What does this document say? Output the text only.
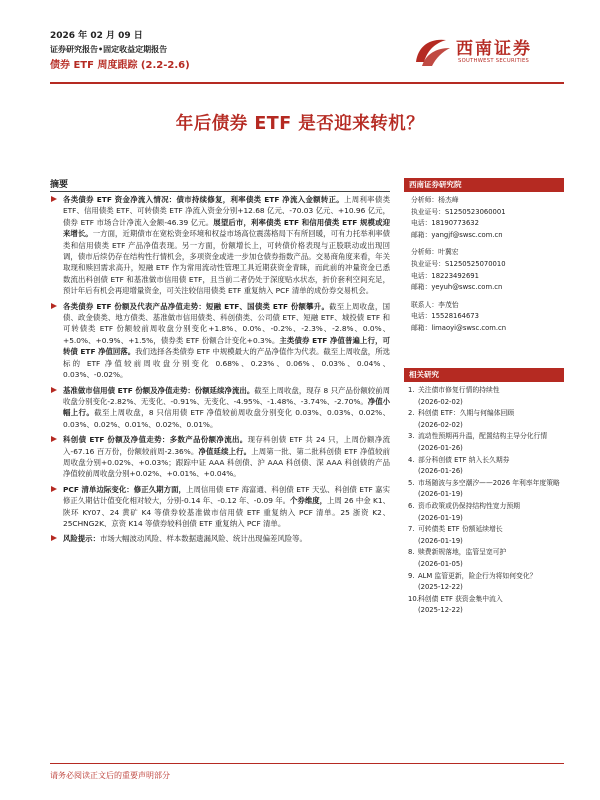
2026 年 02 月 09 日
证券研究报告•固定收益定期报告
债券 ETF 周度跟踪 (2.2-2.6)
西南证券
SOUTHWEST SECURITIES
年后债券 ETF 是否迎来转机？
摘要
各类债券 ETF 资金净流入情况：债市持续修复，利率债类 ETF 净流入金额转正。上周利率债类 ETF、信用债类 ETF、可转债类 ETF 净流入资金分别+12.68 亿元、-70.03 亿元、+10.96 亿元，债券 ETF 市场合计净流入金额-46.39 亿元。展望后市，利率债类 ETF 和信用债类 ETF 规模或迎来增长。一方面，近期债市在宽松资金环境和权益市场高位震荡格局下有所回暖，可有力托举利率债类和信用债类 ETF 产品净值表现。另一方面，份额增长上，可转债价格表现与正股联动或出现回调，债市后续仍存在结构性行情机会，多项资金或进一步加仓债券指数产品。交易商角度来看，年关取现和赎回需求高升，短融 ETF 作为常用流动性管理工具近期获资金青睐，而此前的冲量资金已悉数流出科创债 ETF 和基准做市信用债 ETF，且当前二者仍处于深度贴水状态，折价套利空间充足，预计年后有机会再迎增量资金，可关注较信用债类 ETF 重复纳入 PCF 清单的成份券交易机会。
各类债券 ETF 份额及代表产品净值走势：短融 ETF、国债类 ETF 份额攀升。截至上周收盘，国债、政金债类、地方债类、基准做市信用债类、科创债类、公司债 ETF、短融 ETF、城投债 ETF 和可转债类 ETF 份额较前周收盘分别变化+1.8%、0.0%、-0.2%、-2.3%、-2.8%、0.0%、+5.0%、+0.9%、+1.5%，债券类 ETF 份额合计变化+0.3%。主类债券 ETF 净值普遍上行，可转债 ETF 净值回落。我们选择各类债券 ETF 中规模最大的产品净值作为代表。截至上周收盘，所选标的 ETF 净值较前周收盘分别变化 0.68%、0.23%、0.06%、0.03%、0.04%、0.03%、-0.02%。
基准做市信用债 ETF 份额及净值走势：份额延续净流出。截至上周收盘，现存 8 只产品份额较前周收盘分别变化-2.82%、无变化、-0.91%、无变化、-4.95%、-1.48%、-3.74%、-2.70%。净值小幅上行。截至上周收盘，8 只信用债 ETF 净值较前周收盘分别变化 0.03%、0.03%、0.02%、0.03%、0.02%、0.01%、0.02%、0.01%。
科创债 ETF 份额及净值走势：多数产品份额净流出。现存科创债 ETF 共 24 只，上周份额净流入-67.16 百万份，份额较前周-2.36%。净值延续上行。上周第一批、第二批科创债 ETF 净值较前周收盘分别+0.02%、+0.03%；跟踪中证 AAA 科创债、沪 AAA 科创债、深 AAA 科创债的产品净值较前周收盘分别+0.02%、+0.01%、+0.04%。
PCF 清单边际变化：修正久期方面，上周信用债 ETF 海富通、科创债 ETF 天弘、科创债 ETF 嘉实修正久期估计值变化相对较大，分别-0.14 年、-0.12 年、-0.09 年。个券维度，上周 26 中金 K1、陕环 KY07、24 黄矿 K4 等债券较基准做市信用债 ETF 重复纳入 PCF 清单。25 浙资 K2、25CHNG2K、京资 K14 等债券较科创债 ETF 重复纳入 PCF 清单。
风险提示：市场大幅波动风险、样本数据遗漏风险、统计出现偏差风险等。
西南证券研究院
分析师：杨杰峰
执业证号：S1250523060001
电话：18190773632
邮箱：yangjf@swsc.com.cn
分析师：叶冀宏
执业证号：S1250525070010
电话：18223492691
邮箱：yeyuh@swsc.com.cn
联系人：李茂怡
电话：15528164673
邮箱：limaoyi@swsc.com.cn
相关研究
1. 关注债市修复行情的持续性
(2026-02-02)
2. 科创债 ETF：久期与何编体回顾
(2026-02-02)
3. 流动性预期再升温，配置结构主导分化行情
(2026-01-26)
4. 部分科创债 ETF 纳入长久期券
(2026-01-26)
5. 市场随波与多空潮汐——2026 年利率年度策略
(2026-01-19)
6. 资币政策或仍保持结构性宽力预期
(2026-01-19)
7. 可转债类 ETF 份额延续增长
(2026-01-19)
8. 赎费新规落地，监管呈宽可护
(2026-01-05)
9. ALM 监管更新，险企行为将如何变化？
(2025-12-22)
10. 科创债 ETF 获资金集中流入
(2025-12-22)
请务必阅读正文后的重要声明部分
